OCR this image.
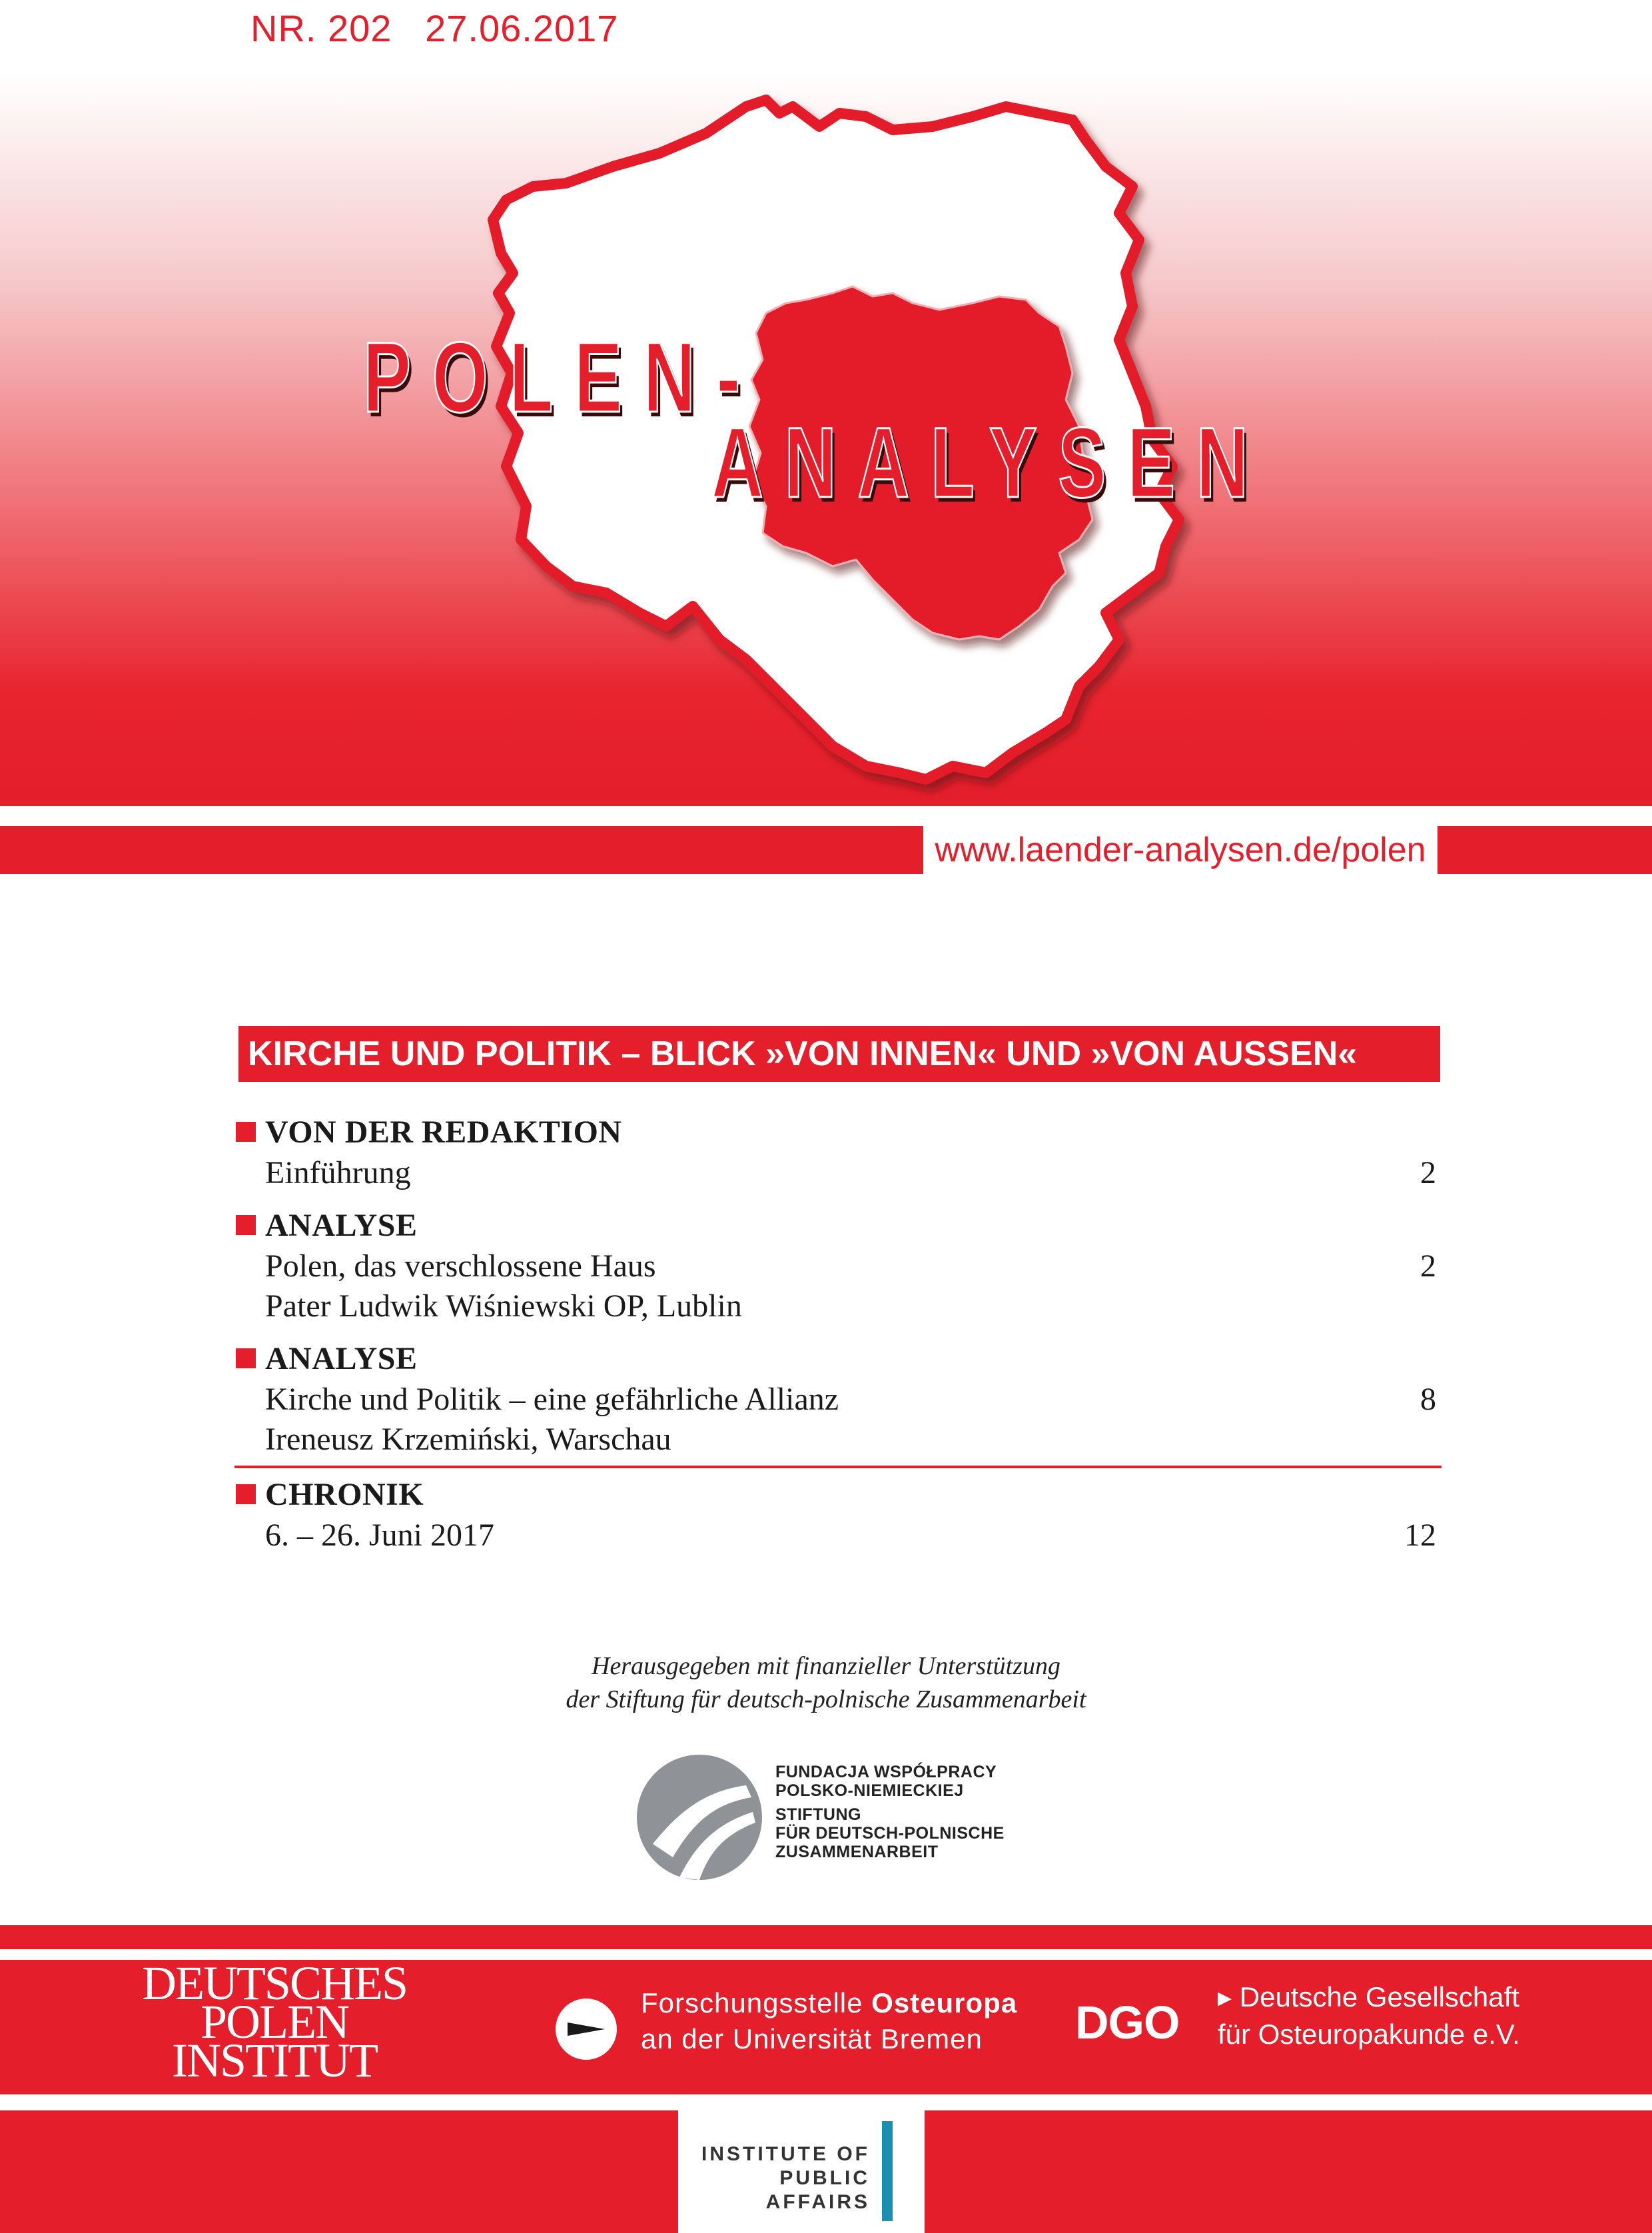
NR. 202 27.06.2017
POLEN-
ANALYSEN
www.laender-analysen.de/polen
KIRCHE UND POLITIK – BLICK »VON INNEN« UND »VON AUSSEN«
VON DER REDAKTION
Einführung	2
ANALYSE
Polen, das verschlossene Haus	2
Pater Ludwik Wiśniewski OP, Lublin
ANALYSE
Kirche und Politik – eine gefährliche Allianz	8
Ireneusz Krzemiński, Warschau
CHRONIK
6. – 26. Juni 2017	12
Herausgegeben mit finanzieller Unterstützung
der Stiftung für deutsch-polnische Zusammenarbeit
FUNDACJA WSPÓŁPRACY
POLSKO-NIEMIECKIEJ
STIFTUNG
FÜR DEUTSCH-POLNISCHE
ZUSAMMENARBEIT
DEUTSCHES
POLEN
INSTITUT
Forschungsstelle Osteuropa
an der Universität Bremen	DGO ▸ Deutsche Gesellschaft
für Osteuropakunde e.V.
INSTITUTE OF
PUBLIC AFFAIRS
